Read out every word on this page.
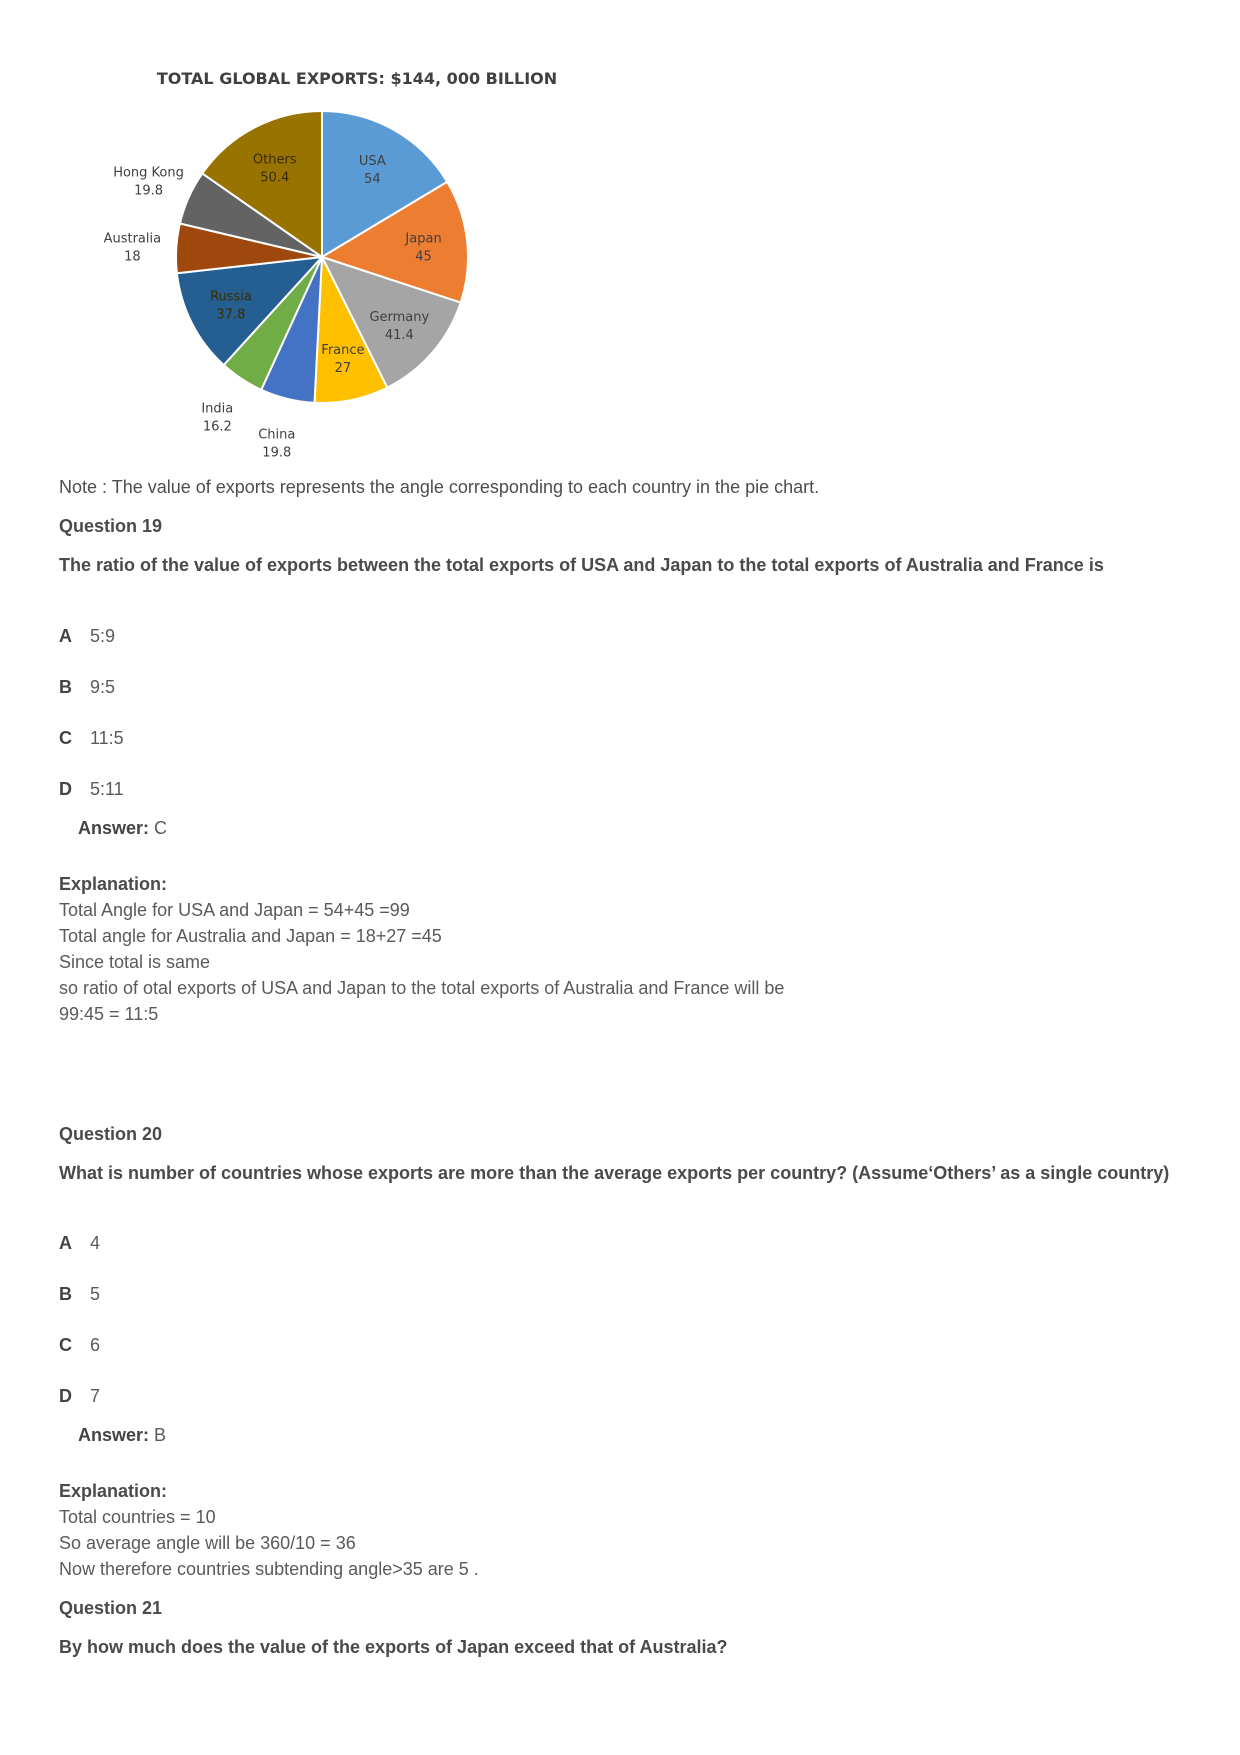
TOTAL GLOBAL EXPORTS: $144, 000 BILLION
USA
54
Japan
45
Germany
41.4
France
27
China
19.8
India
16.2
Russia
37.8
Australia
18
Hong Kong
19.8
Others
50.4
Note : The value of exports represents the angle corresponding to each country in the pie chart.
Question 19
The ratio of the value of exports between the total exports of USA and Japan to the total exports of Australia and France is
A 5:9
B 9:5
C 11:5
D 5:11
Answer: C
Explanation:
Total Angle for USA and Japan = 54+45 =99
Total angle for Australia and Japan = 18+27 =45
Since total is same
so ratio of otal exports of USA and Japan to the total exports of Australia and France will be
99:45 = 11:5
Question 20
What is number of countries whose exports are more than the average exports per country? (Assume‘Others’ as a single country)
A 4
B 5
C 6
D 7
Answer: B
Explanation:
Total countries = 10
So average angle will be 360/10 = 36
Now therefore countries subtending angle>35 are 5 .
Question 21
By how much does the value of the exports of Japan exceed that of Australia?
